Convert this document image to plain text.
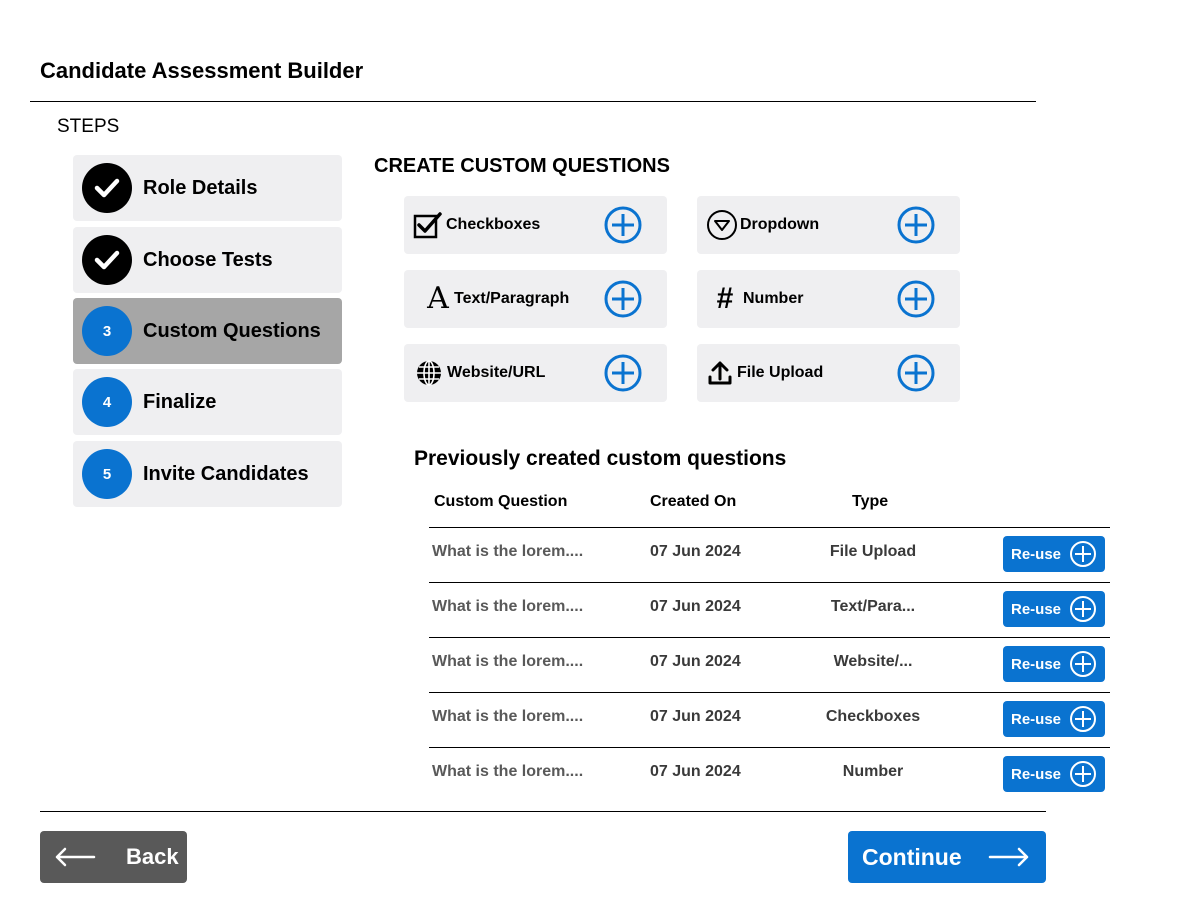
Candidate Assessment Builder
STEPS
Role Details
Choose Tests
3	Custom Questions
4	Finalize
5	Invite Candidates
CREATE CUSTOM QUESTIONS
Checkboxes	Dropdown
A Text/Paragraph	# Number
Website/URL	File Upload
Previously created custom questions
Custom Question	Created On	Type
What is the lorem....	07 Jun 2024	File Upload	Re-use
What is the lorem....	07 Jun 2024	Text/Para...	Re-use
What is the lorem....	07 Jun 2024	Website/...	Re-use
What is the lorem....	07 Jun 2024	Checkboxes	Re-use
What is the lorem....	07 Jun 2024	Number	Re-use
Back	Continue
